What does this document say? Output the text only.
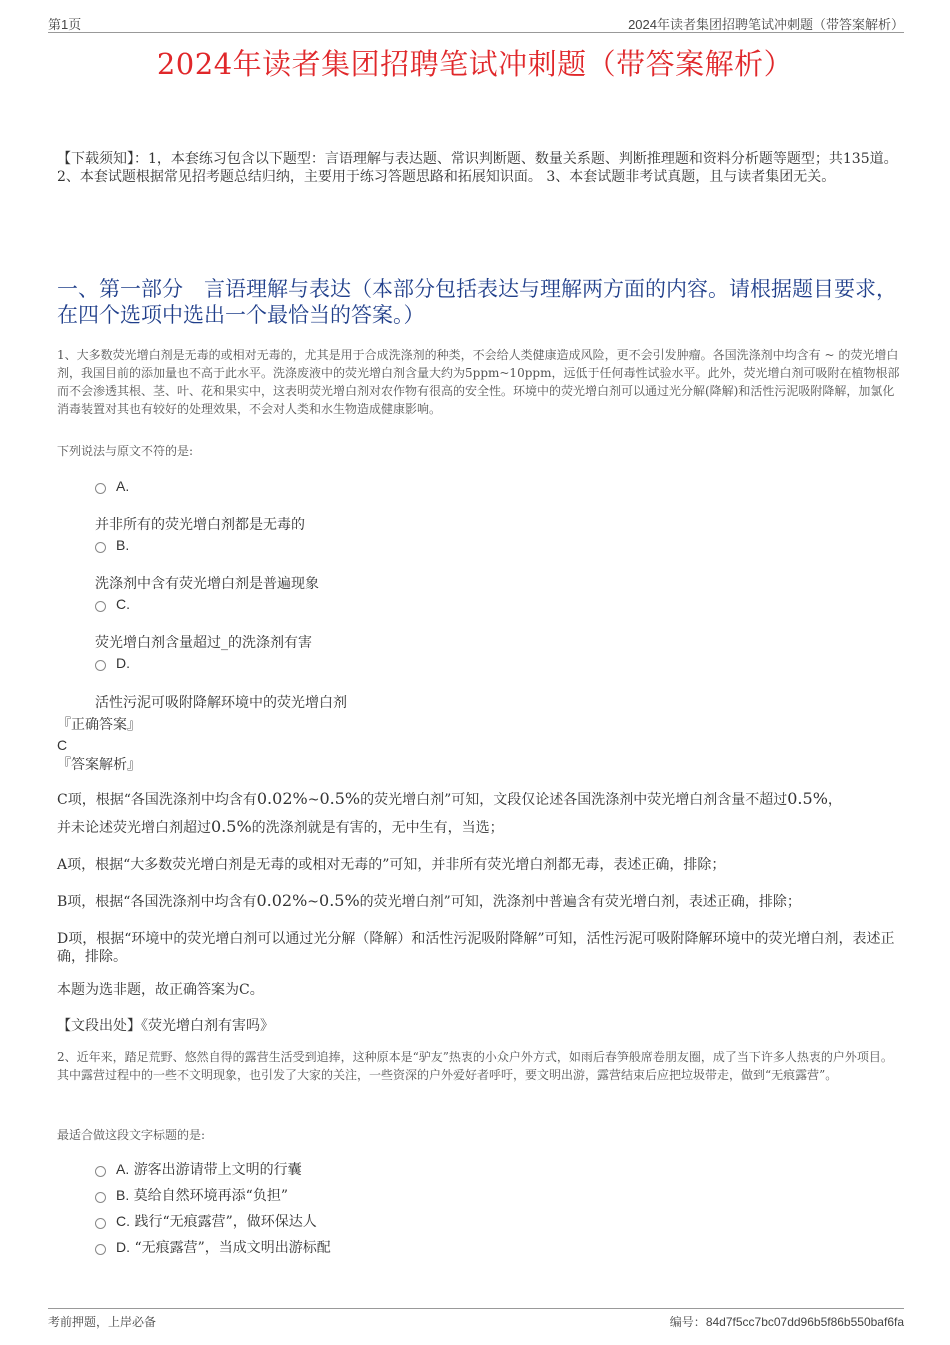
第1页	2024年读者集团招聘笔试冲刺题（带答案解析）
2024年读者集团招聘笔试冲刺题（带答案解析）
【下载须知】：1，本套练习包含以下题型：言语理解与表达题、常识判断题、数量关系题、判断推理题和资料分析题等题型；共135道。 2、本套试题根据常见招考题总结归纳，主要用于练习答题思路和拓展知识面。 3、本套试题非考试真题，且与读者集团无关。
一、第一部分　言语理解与表达（本部分包括表达与理解两方面的内容。请根据题目要求，在四个选项中选出一个最恰当的答案。）
1、大多数荧光增白剂是无毒的或相对无毒的，尤其是用于合成洗涤剂的种类，不会给人类健康造成风险，更不会引发肿瘤。各国洗涤剂中均含有 ~ 的荧光增白剂，我国目前的添加量也不高于此水平。洗涤废液中的荧光增白剂含量大约为5ppm~10ppm，远低于任何毒性试验水平。此外，荧光增白剂可吸附在植物根部而不会渗透其根、茎、叶、花和果实中，这表明荧光增白剂对农作物有很高的安全性。环境中的荧光增白剂可以通过光分解(降解)和活性污泥吸附降解，加氯化消毒装置对其也有较好的处理效果，不会对人类和水生物造成健康影响。
下列说法与原文不符的是:
A.
并非所有的荧光增白剂都是无毒的
B.
洗涤剂中含有荧光增白剂是普遍现象
C.
荧光增白剂含量超过_的洗涤剂有害
D.
活性污泥可吸附降解环境中的荧光增白剂
『正确答案』
C
『答案解析』
C项，根据“各国洗涤剂中均含有0.02%~0.5%的荧光增白剂”可知，文段仅论述各国洗涤剂中荧光增白剂含量不超过0.5%，
并未论述荧光增白剂超过0.5%的洗涤剂就是有害的，无中生有，当选；
A项，根据“大多数荧光增白剂是无毒的或相对无毒的”可知，并非所有荧光增白剂都无毒，表述正确，排除；
B项，根据“各国洗涤剂中均含有0.02%~0.5%的荧光增白剂”可知，洗涤剂中普遍含有荧光增白剂，表述正确，排除；
D项，根据“环境中的荧光增白剂可以通过光分解（降解）和活性污泥吸附降解”可知，活性污泥可吸附降解环境中的荧光增白剂，表述正确，排除。
本题为选非题，故正确答案为C。
【文段出处】《荧光增白剂有害吗》
2、近年来，踏足荒野、悠然自得的露营生活受到追捧，这种原本是“驴友”热衷的小众户外方式，如雨后春笋般席卷朋友圈，成了当下许多人热衷的户外项目。其中露营过程中的一些不文明现象，也引发了大家的关注，一些资深的户外爱好者呼吁，要文明出游，露营结束后应把垃圾带走，做到“无痕露营”。
最适合做这段文字标题的是:
A.
游客出游请带上文明的行囊
B.
莫给自然环境再添“负担”
C.
践行“无痕露营”，做环保达人
D.
“无痕露营”，当成文明出游标配
考前押题，上岸必备	编号：84d7f5cc7bc07dd96b5f86b550baf6fa
